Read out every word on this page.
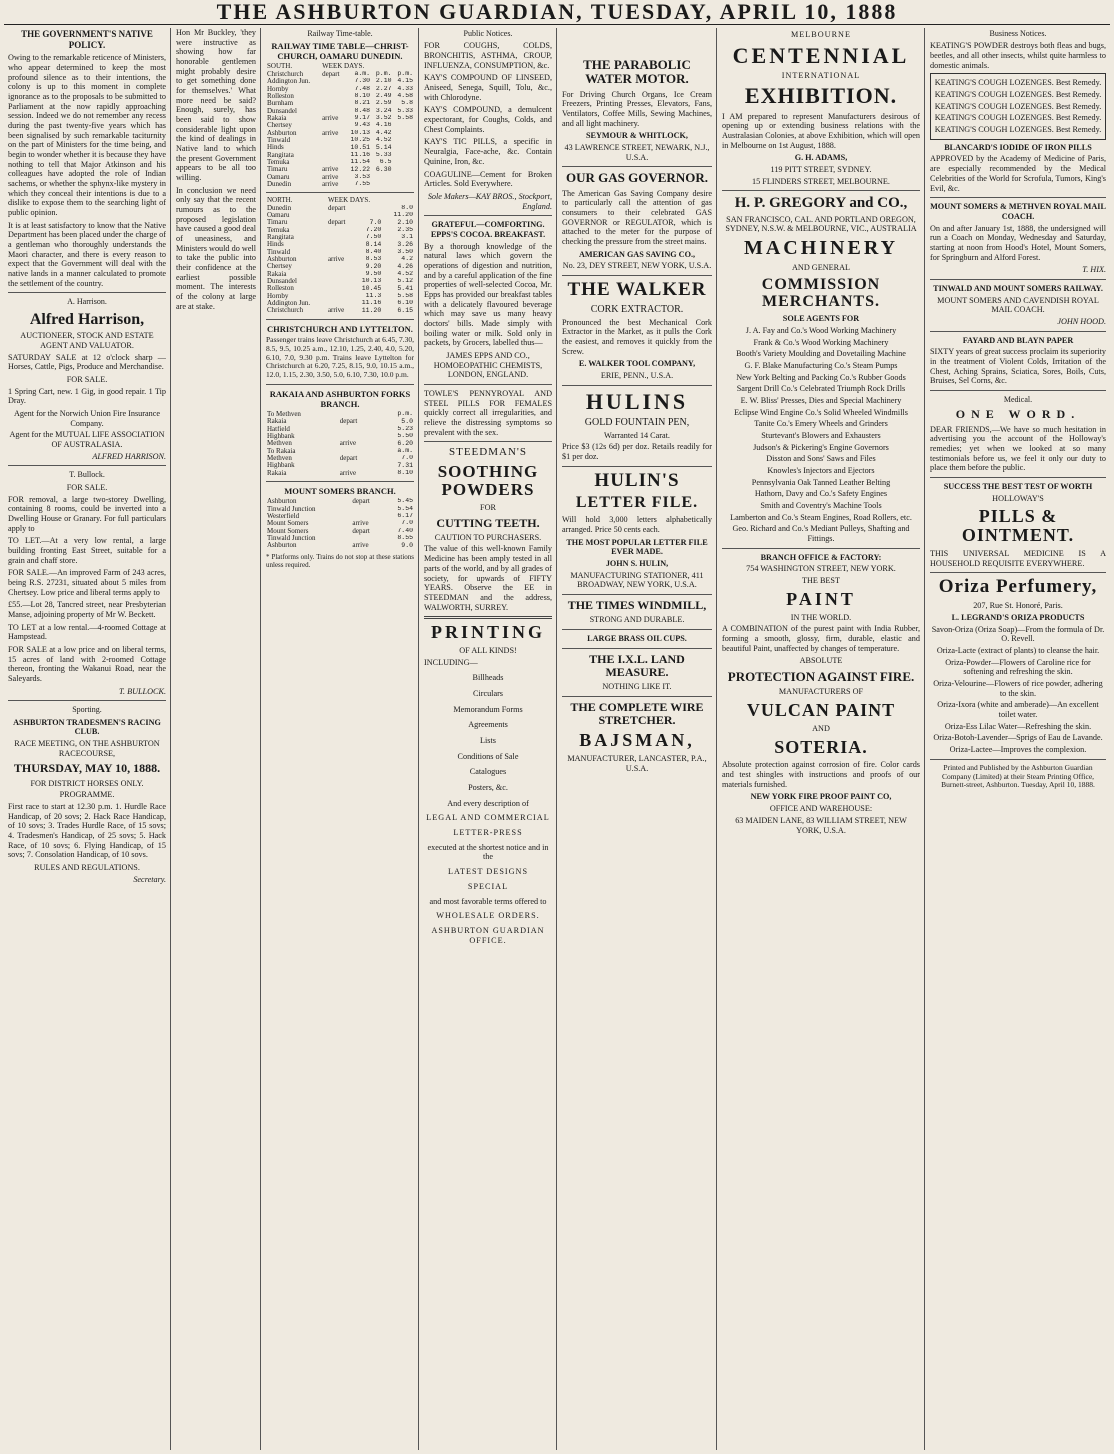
THE ASHBURTON GUARDIAN, TUESDAY, APRIL 10, 1888
THE GOVERNMENT'S NATIVE POLICY.

Owing to the remarkable reticence of Ministers, who appear determined to keep the most profound silence as to their intentions, the colony is up to this moment in complete ignorance as to the proposals to be submitted to Parliament at the now rapidly approaching session. Indeed we do not remember any recess during the past twenty-five years which has been signalised by such remarkable taciturnity on the part of Ministers for the time being, and begin to wonder whether it is because they have nothing to tell that Major Atkinson and his colleagues have adopted the role of Indian sachems, or whether the sphynx-like mystery in which they conceal their intentions is due to a dislike to expose them to the searching light of public opinion.

It is at least satisfactory to know that the Native Department has been placed under the charge of a gentleman who thoroughly understands the Maori character, and there is every reason to expect that the Government will deal with the native lands in a manner calculated to promote the settlement of the country.

A. Harrison.
Alfred Harrison,
AUCTIONEER, STOCK AND ESTATE AGENT AND VALUATOR.

SATURDAY SALE at 12 o'clock sharp —Horses, Cattle, Pigs, Produce and Merchandise.

FOR SALE.

1 Spring Cart, new. 1 Gig, in good repair. 1 Tip Dray.

Agent for the Norwich Union Fire Insurance Company.

Agent for the MUTUAL LIFE ASSOCIATION OF AUSTRALASIA.

ALFRED HARRISON.
T. Bullock.
FOR SALE.

FOR removal, a large two-storey Dwelling, containing 8 rooms, could be inverted into a Dwelling House or Granary. For full particulars apply to

TO LET.—At a very low rental, a large building fronting East Street, suitable for a grain and chaff store.

FOR SALE.—An improved Farm of 243 acres, being R.S. 27231, situated about 5 miles from Chertsey. Low price and liberal terms apply to

£55.—Lot 28, Tancred street, near Presbyterian Manse, adjoining property of Mr W. Beckett.

TO LET at a low rental.—4-roomed Cottage at Hampstead.

FOR SALE at a low price and on liberal terms, 15 acres of land with 2-roomed Cottage thereon, fronting the Wakanui Road, near the Saleyards.

T. BULLOCK.
Sporting.
ASHBURTON TRADESMEN'S RACING CLUB.
RACE MEETING, ON THE ASHBURTON RACECOURSE,
THURSDAY, MAY 10, 1888.
FOR DISTRICT HORSES ONLY.
PROGRAMME.

First race to start at 12.30 p.m. 1. Hurdle Race Handicap, of 20 sovs; 2. Hack Race Handicap, of 10 sovs; 3. Trades Hurdle Race, of 15 sovs; 4. Tradesmen's Handicap, of 25 sovs; 5. Hack Race, of 10 sovs; 6. Flying Handicap, of 15 sovs; 7. Consolation Handicap, of 10 sovs.

RULES AND REGULATIONS.
Secretary.

Hon Mr Buckley, 'they were instructive as showing how far honorable gentlemen might probably desire to get something done for themselves.' What more need be said? Enough, surely, has been said to show considerable light upon the kind of dealings in Native land to which the present Government appears to be all too willing.

In conclusion we need only say that the recent rumours as to the proposed legislation have caused a good deal of uneasiness, and Ministers would do well to take the public into their confidence at the earliest possible moment. The interests of the colony at large are at stake.

Railway Time-table.
RAILWAY TIME TABLE—CHRIST-CHURCH, OAMARU DUNEDIN.
SOUTH.	WEEK DAYS.			
Christchurch	depart	a.m.	p.m.	p.m.
Addington Jun.		7.30	2.10	4.15
Hornby		7.48	2.27	4.33
Rolleston		8.10	2.49	4.58
Burnham		8.21	2.59	5.8
Dunsandel		8.48	3.24	5.33
Rakaia	arrive	9.17	3.52	5.58
Chertsey		9.43	4.16	
Ashburton	arrive	10.13	4.42	
Tinwald		10.25	4.52	
Hinds		10.51	5.14	
Rangitata		11.16	5.33	
Temuka		11.54	6.5	
Timaru	arrive	12.22	6.30	
Oamaru	arrive	3.53		
Dunedin	arrive	7.55		
NORTH.	WEEK DAYS.			
Dunedin	depart			8.0
Oamaru				11.20
Timaru	depart	7.0		2.10
Temuka		7.20		2.35
Rangitata		7.50		3.1
Hinds		8.14		3.26
Tinwald		8.40		3.50
Ashburton	arrive	8.53		4.2
Chertsey		9.20		4.26
Rakaia		9.50		4.52
Dunsandel		10.13		5.12
Rolleston		10.45		5.41
Hornby		11.3		5.58
Addington Jun.		11.16		6.10
Christchurch	arrive	11.20		6.15
CHRISTCHURCH AND LYTTELTON.

Passenger trains leave Christchurch at 6.45, 7.30, 8.5, 9.5, 10.25 a.m., 12.10, 1.25, 2.40, 4.0, 5.20, 6.10, 7.0, 9.30 p.m. Trains leave Lyttelton for Christchurch at 6.20, 7.25, 8.15, 9.0, 10.15 a.m., 12.0, 1.15, 2.30, 3.50, 5.0, 6.10, 7.30, 10.0 p.m.

RAKAIA AND ASHBURTON FORKS BRANCH.
To Methven		p.m.
Rakaia	depart	5.0
Hatfield		5.23
Highbank		5.50
Methven	arrive	6.20
To Rakaia		a.m.
Methven	depart	7.0
Highbank		7.31
Rakaia	arrive	8.10
MOUNT SOMERS BRANCH.
Ashburton	depart	5.45
Tinwald Junction		5.54
Westerfield		6.17
Mount Somers	arrive	7.0
Mount Somers	depart	7.40
Tinwald Junction		8.55
Ashburton	arrive	9.0

* Platforms only. Trains do not stop at these stations unless required.

Public Notices.

FOR COUGHS, COLDS, BRONCHITIS, ASTHMA, CROUP, INFLUENZA, CONSUMPTION, &c.

KAY'S COMPOUND OF LINSEED, Aniseed, Senega, Squill, Tolu, &c., with Chlorodyne.

KAY'S COMPOUND, a demulcent expectorant, for Coughs, Colds, and Chest Complaints.

KAY'S TIC PILLS, a specific in Neuralgia, Face-ache, &c. Contain Quinine, Iron, &c.

COAGULINE—Cement for Broken Articles. Sold Everywhere.

Sole Makers—KAY BROS., Stockport, England.
GRATEFUL—COMFORTING. EPPS'S COCOA. BREAKFAST.

By a thorough knowledge of the natural laws which govern the operations of digestion and nutrition, and by a careful application of the fine properties of well-selected Cocoa, Mr. Epps has provided our breakfast tables with a delicately flavoured beverage which may save us many heavy doctors' bills. Made simply with boiling water or milk. Sold only in packets, by Grocers, labelled thus—

JAMES EPPS AND CO., HOMOEOPATHIC CHEMISTS, LONDON, ENGLAND.

TOWLE'S PENNYROYAL AND STEEL PILLS FOR FEMALES quickly correct all irregularities, and relieve the distressing symptoms so prevalent with the sex.

STEEDMAN'S
SOOTHING POWDERS
FOR
CUTTING TEETH.
CAUTION TO PURCHASERS.

The value of this well-known Family Medicine has been amply tested in all parts of the world, and by all grades of society, for upwards of FIFTY YEARS. Observe the EE in STEEDMAN and the address, WALWORTH, SURREY.

PRINTING
OF ALL KINDS!
INCLUDING—
Billheads
Circulars
Memorandum Forms
Agreements
Lists
Conditions of Sale
Catalogues
Posters, &c.
And every description of
LEGAL AND COMMERCIAL
LETTER-PRESS
executed at the shortest notice and in the
LATEST DESIGNS
SPECIAL
and most favorable terms offered to
WHOLESALE ORDERS.
ASHBURTON GUARDIAN OFFICE.
THE PARABOLIC WATER MOTOR.

For Driving Church Organs, Ice Cream Freezers, Printing Presses, Elevators, Fans, Ventilators, Coffee Mills, Sewing Machines, and all light machinery.

SEYMOUR & WHITLOCK,
43 LAWRENCE STREET, NEWARK, N.J., U.S.A.
OUR GAS GOVERNOR.

The American Gas Saving Company desire to particularly call the attention of gas consumers to their celebrated GAS GOVERNOR or REGULATOR, which is attached to the meter for the purpose of checking the pressure from the street mains.

AMERICAN GAS SAVING CO.,
No. 23, DEY STREET, NEW YORK, U.S.A.
THE WALKER
CORK EXTRACTOR.

Pronounced the best Mechanical Cork Extractor in the Market, as it pulls the Cork the easiest, and removes it quickly from the Screw.

E. WALKER TOOL COMPANY,
ERIE, PENN., U.S.A.
HULINS
GOLD FOUNTAIN PEN,
Warranted 14 Carat.

Price $3 (12s 6d) per doz. Retails readily for $1 per doz.

HULIN'S
LETTER FILE.

Will hold 3,000 letters alphabetically arranged. Price 50 cents each.

THE MOST POPULAR LETTER FILE EVER MADE.
JOHN S. HULIN,
MANUFACTURING STATIONER, 411 BROADWAY, NEW YORK, U.S.A.
THE TIMES WINDMILL,
STRONG AND DURABLE.
LARGE BRASS OIL CUPS.
THE I.X.L. LAND MEASURE.
NOTHING LIKE IT.
THE COMPLETE WIRE STRETCHER.
BAJSMAN,
MANUFACTURER, LANCASTER, P.A., U.S.A.
MELBOURNE
CENTENNIAL
INTERNATIONAL
EXHIBITION.

I AM prepared to represent Manufacturers desirous of opening up or extending business relations with the Australasian Colonies, at above Exhibition, which will open in Melbourne on 1st August, 1888.

G. H. ADAMS,
119 PITT STREET, SYDNEY.
15 FLINDERS STREET, MELBOURNE.
H. P. GREGORY and CO.,
SAN FRANCISCO, CAL. AND PORTLAND OREGON, SYDNEY, N.S.W. & MELBOURNE, VIC., AUSTRALIA
MACHINERY
AND GENERAL
COMMISSION MERCHANTS.
SOLE AGENTS FOR
J. A. Fay and Co.'s Wood Working Machinery
Frank & Co.'s Wood Working Machinery
Booth's Variety Moulding and Dovetailing Machine
G. F. Blake Manufacturing Co.'s Steam Pumps
New York Belting and Packing Co.'s Rubber Goods
Sargent Drill Co.'s Celebrated Triumph Rock Drills
E. W. Bliss' Presses, Dies and Special Machinery
Eclipse Wind Engine Co.'s Solid Wheeled Windmills
Tanite Co.'s Emery Wheels and Grinders
Sturtevant's Blowers and Exhausters
Judson's & Pickering's Engine Governors
Disston and Sons' Saws and Files
Knowles's Injectors and Ejectors
Pennsylvania Oak Tanned Leather Belting
Hathorn, Davy and Co.'s Safety Engines
Smith and Coventry's Machine Tools
Lamberton and Co.'s Steam Engines, Road Rollers, etc.
Geo. Richard and Co.'s Mediant Pulleys, Shafting and Fittings.
BRANCH OFFICE & FACTORY:
754 WASHINGTON STREET, NEW YORK.
THE BEST
PAINT
IN THE WORLD.

A COMBINATION of the purest paint with India Rubber, forming a smooth, glossy, firm, durable, elastic and beautiful Paint, unaffected by changes of temperature.

ABSOLUTE
PROTECTION AGAINST FIRE.
MANUFACTURERS OF
VULCAN PAINT
AND
SOTERIA.

Absolute protection against corrosion of fire. Color cards and test shingles with instructions and proofs of our materials furnished.

NEW YORK FIRE PROOF PAINT CO,
OFFICE AND WAREHOUSE:
63 MAIDEN LANE, 83 WILLIAM STREET, NEW YORK, U.S.A.
Business Notices.

KEATING'S POWDER destroys both fleas and bugs, beetles, and all other insects, whilst quite harmless to domestic animals.

KEATING'S COUGH LOZENGES. Best Remedy.
KEATING'S COUGH LOZENGES. Best Remedy.
KEATING'S COUGH LOZENGES. Best Remedy.
KEATING'S COUGH LOZENGES. Best Remedy.
KEATING'S COUGH LOZENGES. Best Remedy.
BLANCARD'S IODIDE OF IRON PILLS

APPROVED by the Academy of Medicine of Paris, are especially recommended by the Medical Celebrities of the World for Scrofula, Tumors, King's Evil, &c.

MOUNT SOMERS & METHVEN ROYAL MAIL COACH.

On and after January 1st, 1888, the undersigned will run a Coach on Monday, Wednesday and Saturday, starting at noon from Hood's Hotel, Mount Somers, for Springburn and Alford Forest.

T. HIX.
TINWALD AND MOUNT SOMERS RAILWAY.
MOUNT SOMERS AND CAVENDISH ROYAL MAIL COACH.
JOHN HOOD.
FAYARD AND BLAYN PAPER

SIXTY years of great success proclaim its superiority in the treatment of Violent Colds, Irritation of the Chest, Aching Sprains, Sciatica, Sores, Boils, Cuts, Bruises, Sel Corns, &c.

Medical.
ONE WORD.

DEAR FRIENDS,—We have so much hesitation in advertising you the account of the Holloway's remedies; yet when we looked at so many testimonials before us, we feel it only our duty to place them before the public.

SUCCESS THE BEST TEST OF WORTH
HOLLOWAY'S
PILLS & OINTMENT.

THIS UNIVERSAL MEDICINE IS A HOUSEHOLD REQUISITE EVERYWHERE.

Oriza Perfumery,
207, Rue St. Honoré, Paris.
L. LEGRAND'S ORIZA PRODUCTS
Savon-Oriza (Oriza Soap)—From the formula of Dr. O. Revell.
Oriza-Lacte (extract of plants) to cleanse the hair.
Oriza-Powder—Flowers of Caroline rice for softening and refreshing the skin.
Oriza-Velourine—Flowers of rice powder, adhering to the skin.
Oriza-Ixora (white and amberade)—An excellent toilet water.
Oriza-Ess Lilac Water—Refreshing the skin.
Oriza-Botoh-Lavender—Sprigs of Eau de Lavande.
Oriza-Lactee—Improves the complexion.

Printed and Published by the Ashburton Guardian Company (Limited) at their Steam Printing Office, Burnett-street, Ashburton. Tuesday, April 10, 1888.
